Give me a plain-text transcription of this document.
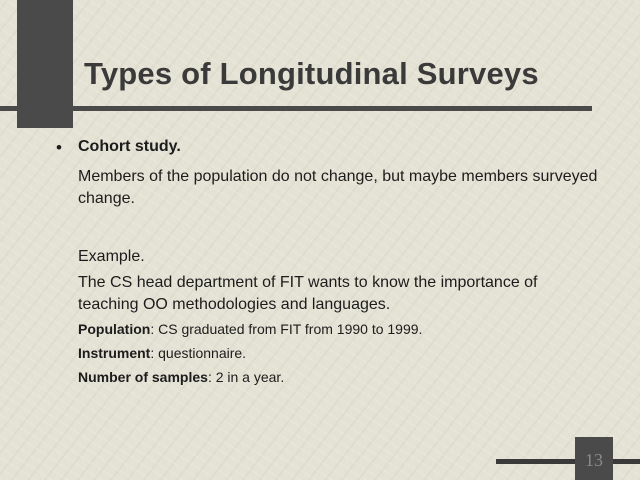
Types of Longitudinal Surveys
• Cohort study.
Members of the population do not change, but maybe members surveyed change.
Example.
The CS head department of FIT wants to know the importance of teaching OO methodologies and languages.
Population: CS graduated from FIT from 1990 to 1999.
Instrument: questionnaire.
Number of samples: 2 in a year.
13
